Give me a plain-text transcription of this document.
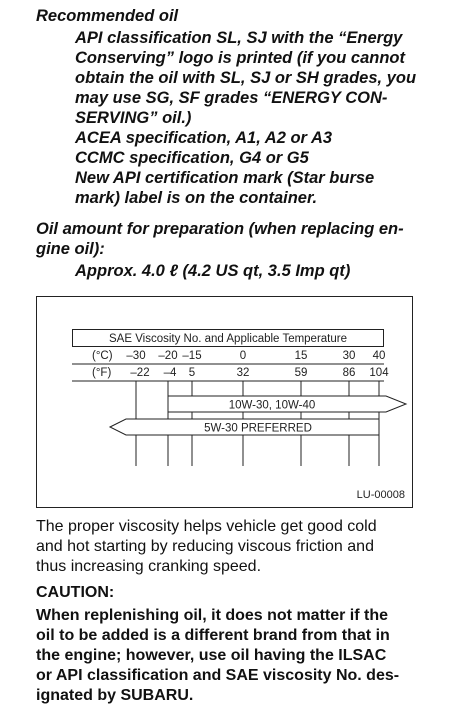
Recommended oil
API classification SL, SJ with the “Energy
Conserving” logo is printed (if you cannot
obtain the oil with SL, SJ or SH grades, you
may use SG, SF grades “ENERGY CON-
SERVING” oil.)
ACEA specification, A1, A2 or A3
CCMC specification, G4 or G5
New API certification mark (Star burse
mark) label is on the container.
Oil amount for preparation (when replacing en-
gine oil):
Approx. 4.0 ℓ (4.2 US qt, 3.5 Imp qt)
SAE Viscosity No. and Applicable Temperature
(°C)
(°F)
–30 –20 –15	0	15	30 40
–22 –4 5	32	59	86 104
10W-30, 10W-40
5W-30 PREFERRED
LU-00008
The proper viscosity helps vehicle get good cold
and hot starting by reducing viscous friction and
thus increasing cranking speed.
CAUTION:
When replenishing oil, it does not matter if the
oil to be added is a different brand from that in
the engine; however, use oil having the ILSAC
or API classification and SAE viscosity No. des-
ignated by SUBARU.
